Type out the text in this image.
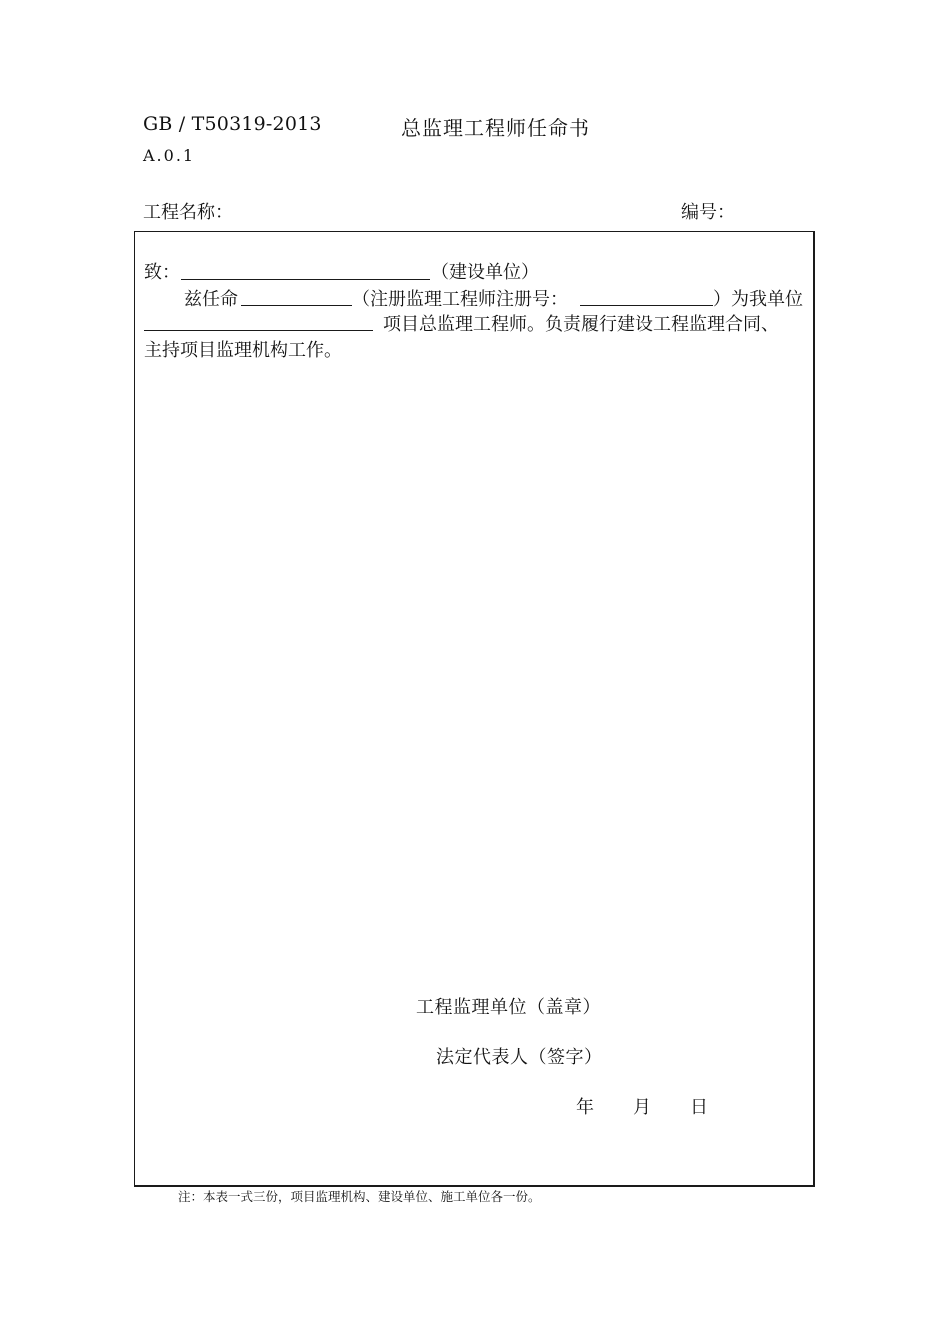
GB / T50319-2013	总监理工程师任命书
A.0.1
工程名称：	编号：
致：	（建设单位）
兹任命	（注册监理工程师注册号：	）为我单位
项目总监理工程师。负责履行建设工程监理合同、
主持项目监理机构工作。
工程监理单位（盖章）
法定代表人（签字）
年 月 日
注：本表一式三份，项目监理机构、建设单位、施工单位各一份。
